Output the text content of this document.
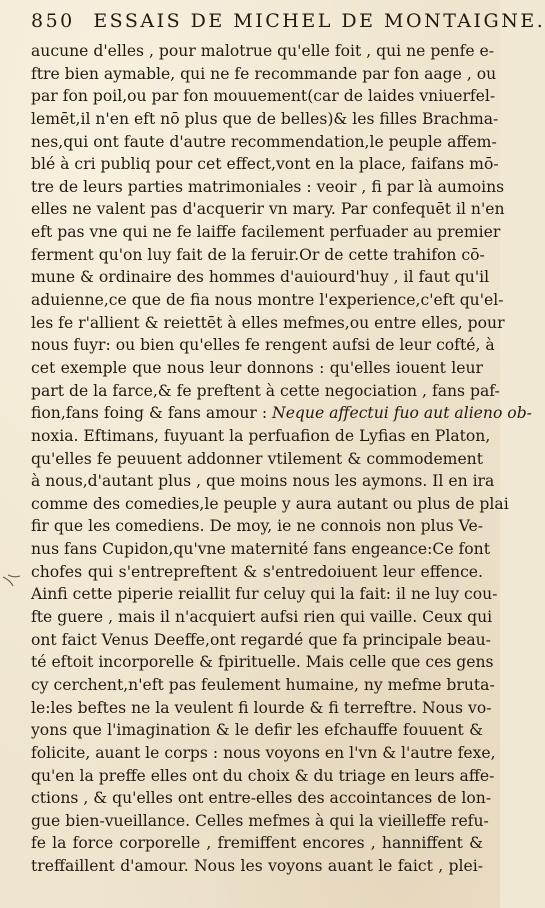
850 ESSAIS DE MICHEL DE MONTAIGNE.
aucune d'elles , pour malotrue qu'elle foit , qui ne penfe e-
ftre bien aymable, qui ne fe recommande par fon aage , ou
par fon poil,ou par fon mouuement(car de laides vniuerfel-
lemēt,il n'en eft nō plus que de belles)& les filles Brachma-
nes,qui ont faute d'autre recommendation,le peuple affem-
blé à cri publiq pour cet effect,vont en la place, faifans mō-
tre de leurs parties matrimoniales : veoir , fi par là aumoins
elles ne valent pas d'acquerir vn mary. Par confequēt il n'en
eft pas vne qui ne fe laiffe facilement perfuader au premier
ferment qu'on luy fait de la feruir.Or de cette trahifon cō-
mune & ordinaire des hommes d'auiourd'huy , il faut qu'il
aduienne,ce que de fia nous montre l'experience,c'eft qu'el-
les fe r'allient & reiettēt à elles mefmes,ou entre elles, pour
nous fuyr: ou bien qu'elles fe rengent aufsi de leur cofté, à
cet exemple que nous leur donnons : qu'elles iouent leur
part de la farce,& fe preftent à cette negociation , fans paf-
fion,fans foing & fans amour : Neque affectui fuo aut alieno ob-
noxia. Eftimans, fuyuant la perfuafion de Lyfias en Platon,
qu'elles fe peuuent addonner vtilement & commodement
à nous,d'autant plus , que moins nous les aymons. Il en ira
comme des comedies,le peuple y aura autant ou plus de plai
fir que les comediens. De moy, ie ne connois non plus Ve-
nus fans Cupidon,qu'vne maternité fans engeance:Ce font
chofes qui s'entrepreftent & s'entredoiuent leur effence.
Ainfi cette piperie reiallit fur celuy qui la fait: il ne luy cou-
fte guere , mais il n'acquiert aufsi rien qui vaille. Ceux qui
ont faict Venus Deeffe,ont regardé que fa principale beau-
té eftoit incorporelle & fpirituelle. Mais celle que ces gens
cy cerchent,n'eft pas feulement humaine, ny mefme bruta-
le:les beftes ne la veulent fi lourde & fi terreftre. Nous vo-
yons que l'imagination & le defir les efchauffe fouuent &
folicite, auant le corps : nous voyons en l'vn & l'autre fexe,
qu'en la preffe elles ont du choix & du triage en leurs affe-
ctions , & qu'elles ont entre-elles des accointances de lon-
gue bien-vueillance. Celles mefmes à qui la vieilleffe refu-
fe la force corporelle , fremiffent encores , hanniffent &
treffaillent d'amour. Nous les voyons auant le faict , plei-
